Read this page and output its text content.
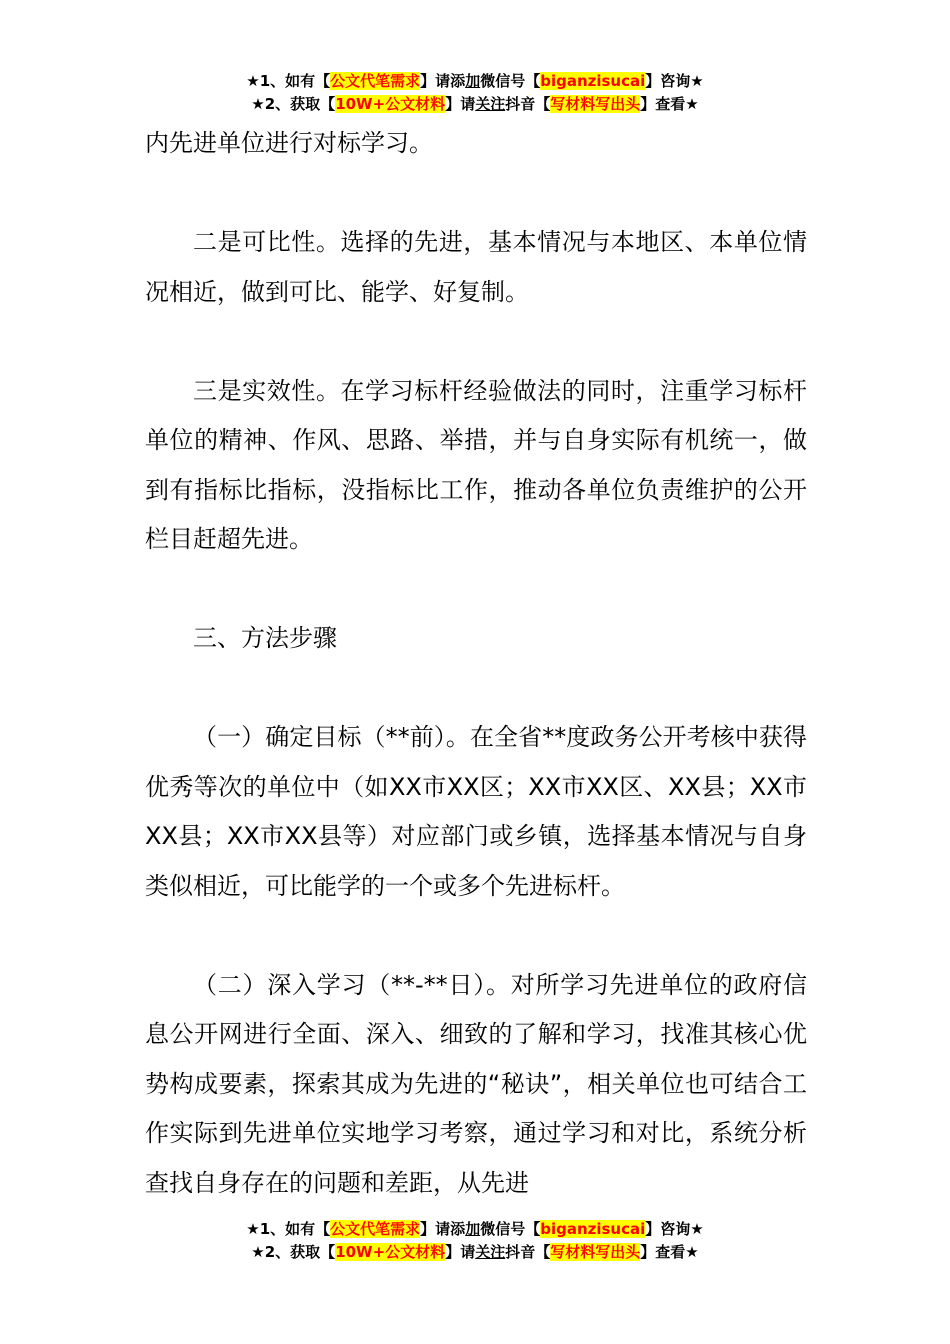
★1、如有【公文代笔需求】请添加微信号【biganzisucai】咨询★
★2、获取【10W+公文材料】请关注抖音【写材料写出头】查看★

内先进单位进行对标学习。

二是可比性。选择的先进，基本情况与本地区、本单位情况相近，做到可比、能学、好复制。

三是实效性。在学习标杆经验做法的同时，注重学习标杆单位的精神、作风、思路、举措，并与自身实际有机统一，做到有指标比指标，没指标比工作，推动各单位负责维护的公开栏目赶超先进。

三、方法步骤

（一）确定目标（**前）。在全省**度政务公开考核中获得优秀等次的单位中（如XX市XX区；XX市XX区、XX县；XX市XX县；XX市XX县等）对应部门或乡镇，选择基本情况与自身类似相近，可比能学的一个或多个先进标杆。

（二）深入学习（**-**日）。对所学习先进单位的政府信息公开网进行全面、深入、细致的了解和学习，找准其核心优势构成要素，探索其成为先进的“秘诀”，相关单位也可结合工作实际到先进单位实地学习考察，通过学习和对比，系统分析查找自身存在的问题和差距，从先进

★1、如有【公文代笔需求】请添加微信号【biganzisucai】咨询★
★2、获取【10W+公文材料】请关注抖音【写材料写出头】查看★
